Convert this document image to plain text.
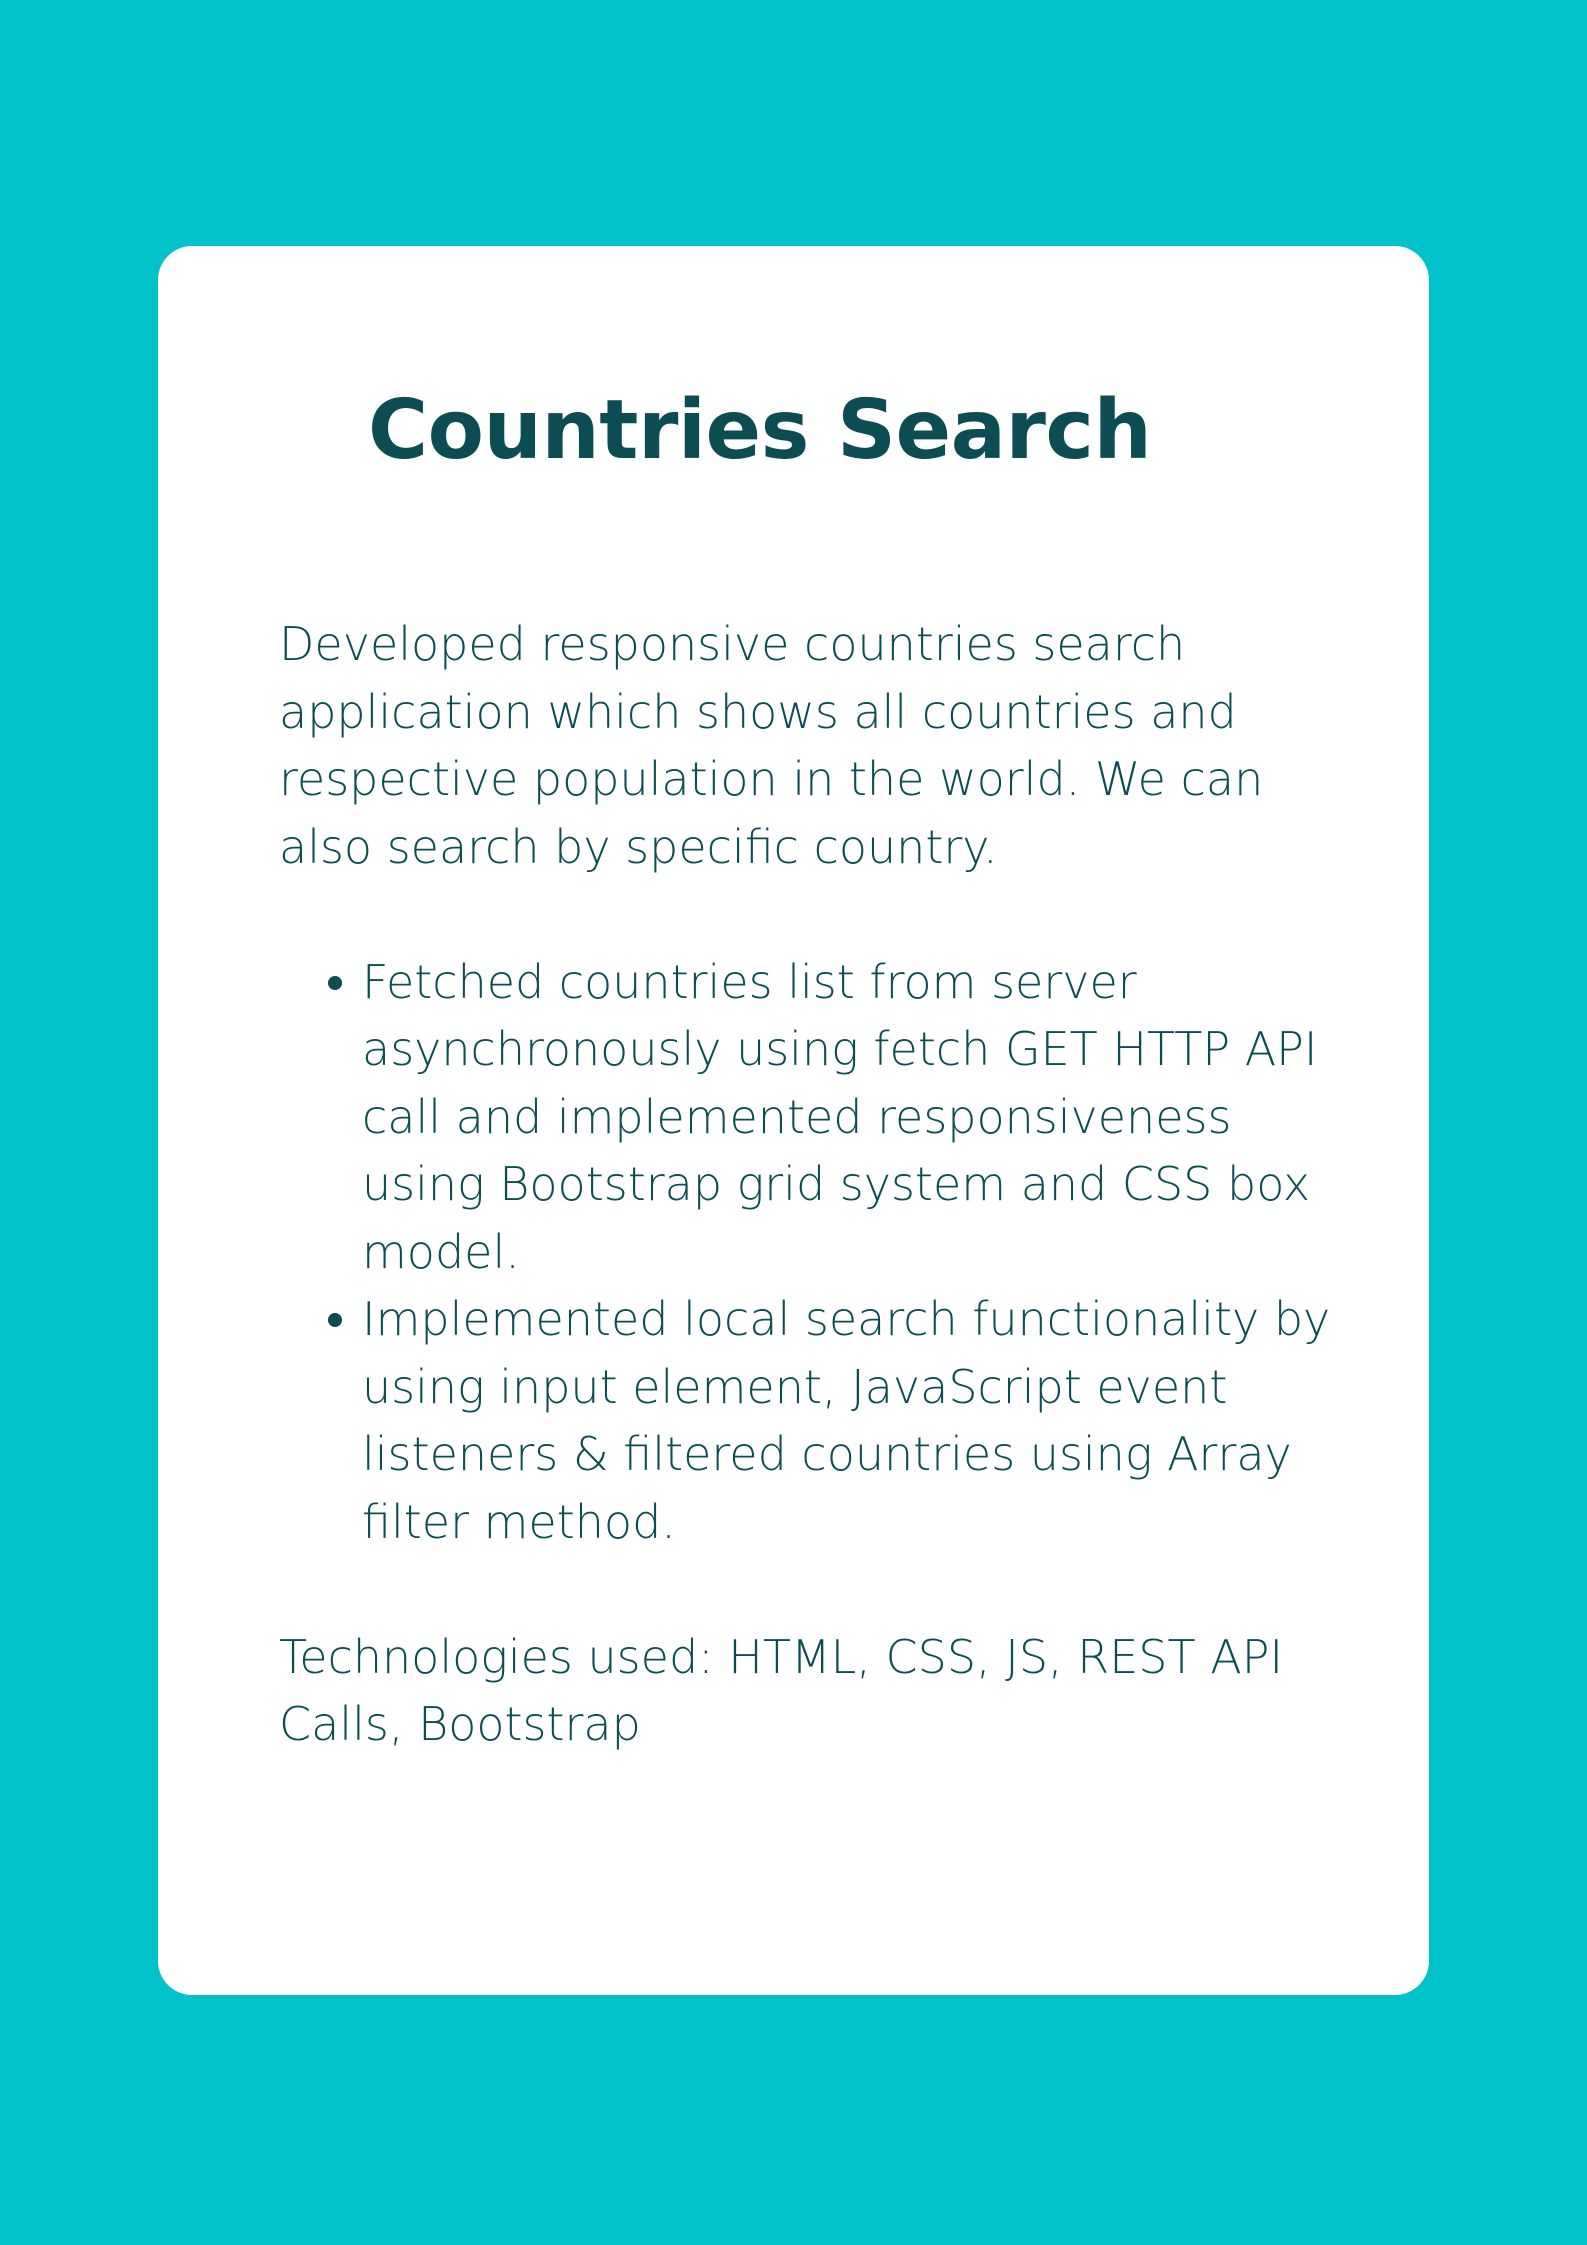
Countries Search

Developed responsive countries search application which shows all countries and respective population in the world. We can also search by specific country.

Fetched countries list from server asynchronously using fetch GET HTTP API call and implemented responsiveness using Bootstrap grid system and CSS box model.
Implemented local search functionality by using input element, JavaScript event listeners & filtered countries using Array filter method.

Technologies used: HTML, CSS, JS, REST API Calls, Bootstrap
